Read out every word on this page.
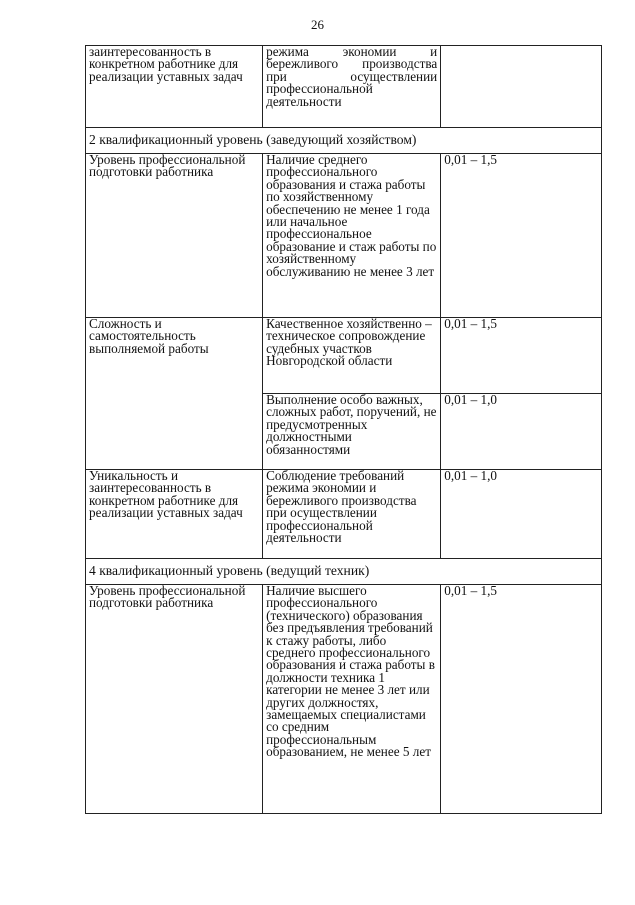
26
заинтересованность в конкретном работнике для реализации уставных задач	режима экономии и бережливого производства при осуществлении профессиональной деятельности	
2 квалификационный уровень (заведующий хозяйством)		
Уровень профессиональной подготовки работника	Наличие среднего профессионального образования и стажа работы по хозяйственному обеспечению не менее 1 года или начальное профессиональное образование и стаж работы по хозяйственному обслуживанию не менее 3 лет	0,01 – 1,5
Сложность и самостоятельность выполняемой работы	Качественное хозяйственно – техническое сопровождение судебных участков Новгородской области	0,01 – 1,5
	Выполнение особо важных, сложных работ, поручений, не предусмотренных должностными обязанностями	0,01 – 1,0
Уникальность и заинтересованность в конкретном работнике для реализации уставных задач	Соблюдение требований режима экономии и бережливого производства при осуществлении профессиональной деятельности	0,01 – 1,0
4 квалификационный уровень (ведущий техник)		
Уровень профессиональной подготовки работника	Наличие высшего профессионального (технического) образования без предъявления требований к стажу работы, либо среднего профессионального образования и стажа работы в должности техника 1 категории не менее 3 лет или других должностях, замещаемых специалистами со средним профессиональным образованием, не менее 5 лет	0,01 – 1,5
